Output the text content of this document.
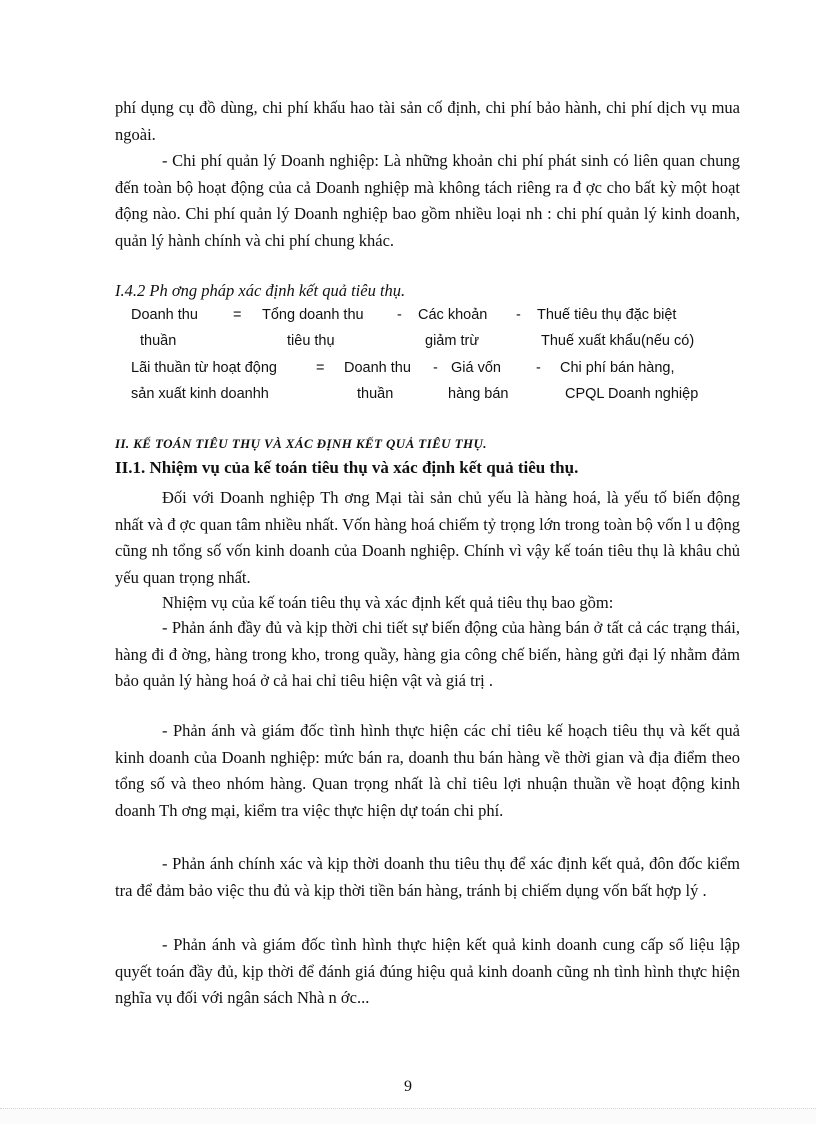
phí dụng cụ đồ dùng, chi phí khấu hao tài sản cố định, chi phí bảo hành, chi phí dịch vụ mua ngoài.

- Chi phí quản lý Doanh nghiệp: Là những khoản chi phí phát sinh có liên quan chung đến toàn bộ hoạt động của cả Doanh nghiệp mà không tách riêng ra đ ợc cho bất kỳ một hoạt động nào. Chi phí quản lý Doanh nghiệp bao gồm nhiều loại nh : chi phí quản lý kinh doanh, quản lý hành chính và chi phí chung khác.

I.4.2 Ph ơng pháp xác định kết quả tiêu thụ.
Doanh thu
thuần
= Tổng doanh thu
tiêu thụ
- Các khoản
giảm trừ
- Thuế tiêu thụ đặc biệt
Thuế xuất khẩu(nếu có)
Lãi thuần từ hoạt động
sản xuất kinh doanhh
= Doanh thu
thuần
- Giá vốn
hàng bán
- Chi phí bán hàng,
CPQL Doanh nghiệp
II. KẾ TOÁN TIÊU THỤ VÀ XÁC ĐỊNH KẾT QUẢ TIÊU THỤ.
II.1. Nhiệm vụ của kế toán tiêu thụ và xác định kết quả tiêu thụ.

Đối với Doanh nghiệp Th ơng Mại tài sản chủ yếu là hàng hoá, là yếu tố biến động nhất và đ ợc quan tâm nhiều nhất. Vốn hàng hoá chiếm tỷ trọng lớn trong toàn bộ vốn l u động cũng nh tổng số vốn kinh doanh của Doanh nghiệp. Chính vì vậy kế toán tiêu thụ là khâu chủ yếu quan trọng nhất.

Nhiệm vụ của kế toán tiêu thụ và xác định kết quả tiêu thụ bao gồm:

- Phản ánh đầy đủ và kịp thời chi tiết sự biến động của hàng bán ở tất cả các trạng thái, hàng đi đ ờng, hàng trong kho, trong quầy, hàng gia công chế biến, hàng gửi đại lý nhằm đảm bảo quản lý hàng hoá ở cả hai chỉ tiêu hiện vật và giá trị .

- Phản ánh và giám đốc tình hình thực hiện các chỉ tiêu kế hoạch tiêu thụ và kết quả kinh doanh của Doanh nghiệp: mức bán ra, doanh thu bán hàng về thời gian và địa điểm theo tổng số và theo nhóm hàng. Quan trọng nhất là chỉ tiêu lợi nhuận thuần về hoạt động kinh doanh Th ơng mại, kiểm tra việc thực hiện dự toán chi phí.

- Phản ánh chính xác và kịp thời doanh thu tiêu thụ để xác định kết quả, đôn đốc kiểm tra để đảm bảo việc thu đủ và kịp thời tiền bán hàng, tránh bị chiếm dụng vốn bất hợp lý .

- Phản ánh và giám đốc tình hình thực hiện kết quả kinh doanh cung cấp số liệu lập quyết toán đầy đủ, kịp thời để đánh giá đúng hiệu quả kinh doanh cũng nh tình hình thực hiện nghĩa vụ đối với ngân sách Nhà n ớc...

9
